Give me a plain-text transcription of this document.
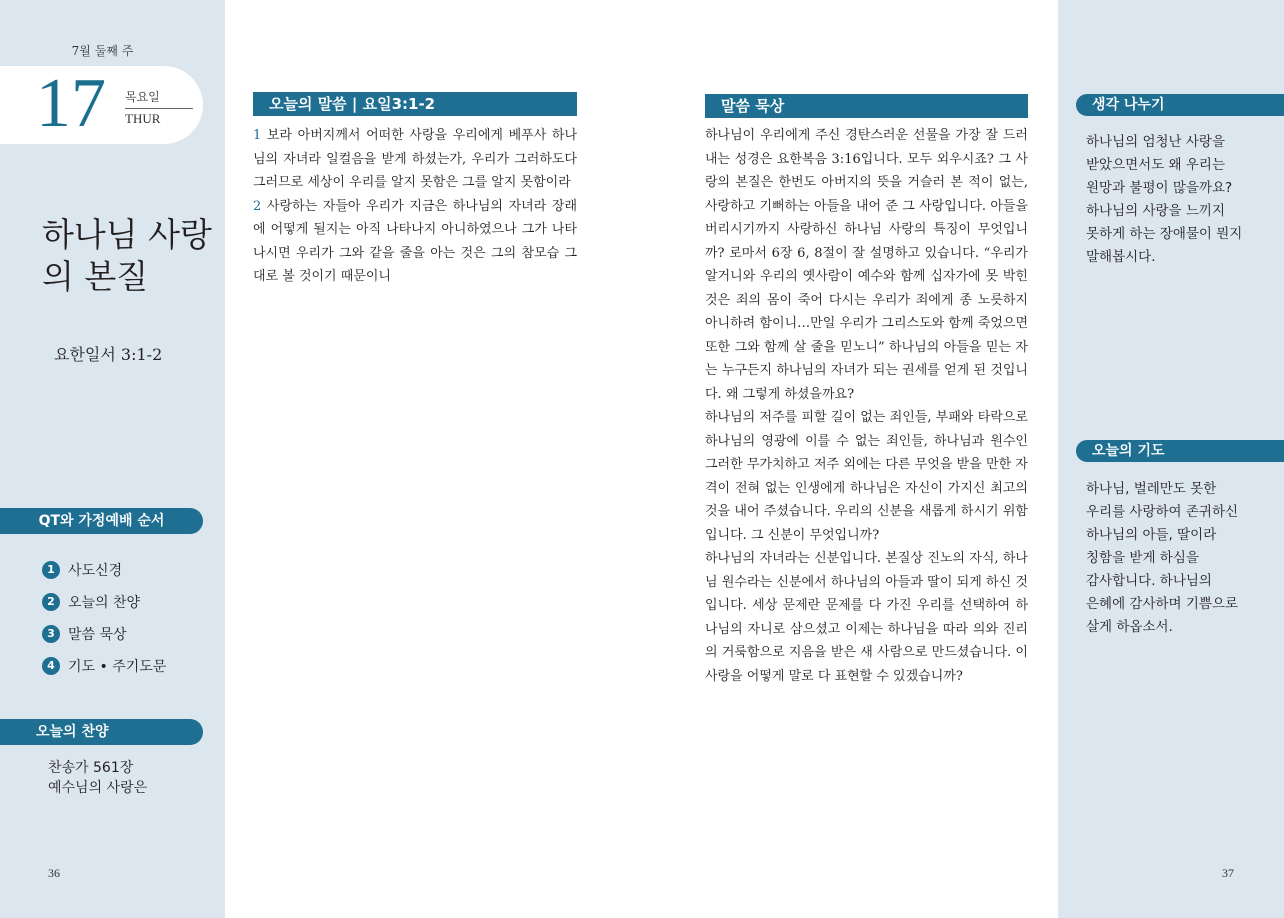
7월 둘째 주
17 목요일
THUR
하나님 사랑
의 본질
요한일서 3:1-2
QT와 가정예배 순서
1 사도신경
2 오늘의 찬양
3 말씀 묵상
4 기도 • 주기도문
오늘의 찬양
찬송가 561장
예수님의 사랑은
36
오늘의 말씀 | 요일3:1-2

1 보라 아버지께서 어떠한 사랑을 우리에게 베푸사 하나님의 자녀라 일컬음을 받게 하셨는가, 우리가 그러하도다 그러므로 세상이 우리를 알지 못함은 그를 알지 못함이라

2 사랑하는 자들아 우리가 지금은 하나님의 자녀라 장래에 어떻게 될지는 아직 나타나지 아니하였으나 그가 나타나시면 우리가 그와 같을 줄을 아는 것은 그의 참모습 그대로 볼 것이기 때문이니

말씀 묵상

하나님이 우리에게 주신 경탄스러운 선물을 가장 잘 드러내는 성경은 요한복음 3:16입니다. 모두 외우시죠? 그 사랑의 본질은 한번도 아버지의 뜻을 거슬러 본 적이 없는, 사랑하고 기뻐하는 아들을 내어 준 그 사랑입니다. 아들을 버리시기까지 사랑하신 하나님 사랑의 특징이 무엇입니까? 로마서 6장 6, 8절이 잘 설명하고 있습니다. “우리가 알거니와 우리의 옛사람이 예수와 함께 십자가에 못 박힌 것은 죄의 몸이 죽어 다시는 우리가 죄에게 종 노릇하지 아니하려 함이니…만일 우리가 그리스도와 함께 죽었으면 또한 그와 함께 살 줄을 믿노니” 하나님의 아들을 믿는 자는 누구든지 하나님의 자녀가 되는 권세를 얻게 된 것입니다. 왜 그렇게 하셨을까요?

하나님의 저주를 피할 길이 없는 죄인들, 부패와 타락으로 하나님의 영광에 이를 수 없는 죄인들, 하나님과 원수인 그러한 무가치하고 저주 외에는 다른 무엇을 받을 만한 자격이 전혀 없는 인생에게 하나님은 자신이 가지신 최고의 것을 내어 주셨습니다. 우리의 신분을 새롭게 하시기 위함입니다. 그 신분이 무엇입니까?

하나님의 자녀라는 신분입니다. 본질상 진노의 자식, 하나님 원수라는 신분에서 하나님의 아들과 딸이 되게 하신 것입니다. 세상 문제란 문제를 다 가진 우리를 선택하여 하나님의 자니로 삼으셨고 이제는 하나님을 따라 의와 진리의 거룩함으로 지음을 받은 새 사람으로 만드셨습니다. 이 사랑을 어떻게 말로 다 표현할 수 있겠습니까?

생각 나누기
하나님의 엄청난 사랑을
받았으면서도 왜 우리는
원망과 불평이 많을까요?
하나님의 사랑을 느끼지
못하게 하는 장애물이 뭔지
말해봅시다.
오늘의 기도
하나님, 벌레만도 못한
우리를 사랑하여 존귀하신
하나님의 아들, 딸이라
칭함을 받게 하심을
감사합니다. 하나님의
은혜에 감사하며 기쁨으로
살게 하옵소서.
37
